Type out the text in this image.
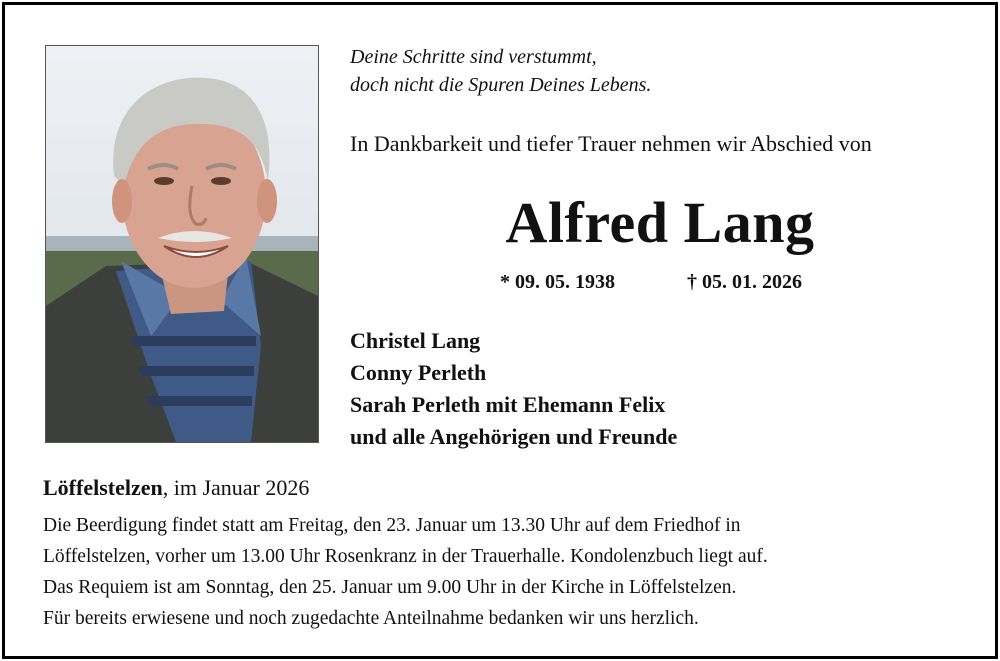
Deine Schritte sind verstummt,
doch nicht die Spuren Deines Lebens.
In Dankbarkeit und tiefer Trauer nehmen wir Abschied von
Alfred Lang
* 09. 05. 1938	† 05. 01. 2026
Christel Lang
Conny Perleth
Sarah Perleth mit Ehemann Felix
und alle Angehörigen und Freunde
Löffelstelzen, im Januar 2026
Die Beerdigung findet statt am Freitag, den 23. Januar um 13.30 Uhr auf dem Friedhof in
Löffelstelzen, vorher um 13.00 Uhr Rosenkranz in der Trauerhalle. Kondolenzbuch liegt auf.
Das Requiem ist am Sonntag, den 25. Januar um 9.00 Uhr in der Kirche in Löffelstelzen.
Für bereits erwiesene und noch zugedachte Anteilnahme bedanken wir uns herzlich.
